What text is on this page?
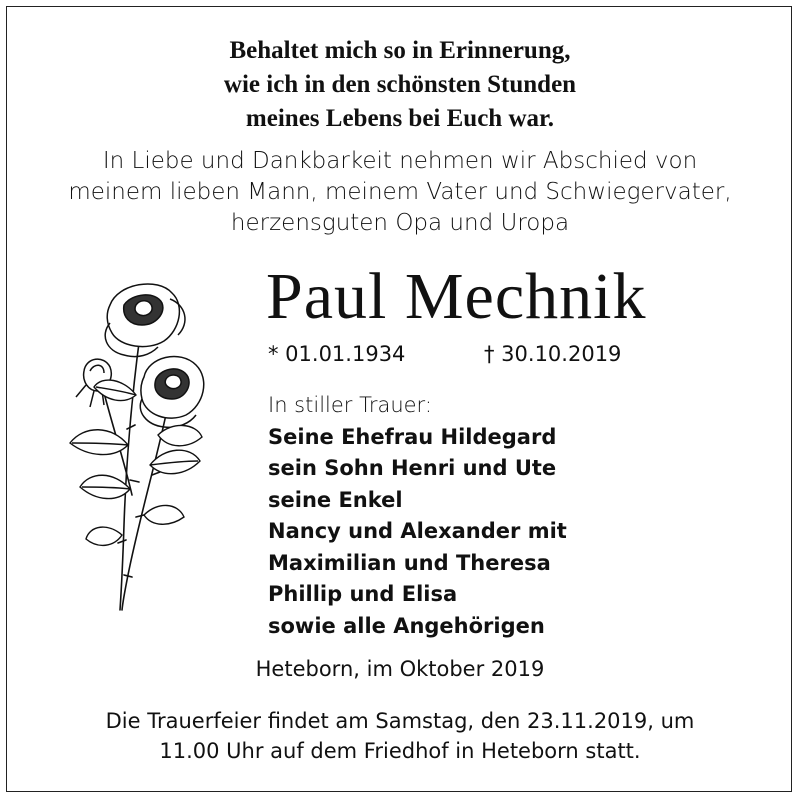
Behaltet mich so in Erinnerung,
wie ich in den schönsten Stunden
meines Lebens bei Euch war.
In Liebe und Dankbarkeit nehmen wir Abschied von
meinem lieben Mann, meinem Vater und Schwiegervater,
herzensguten Opa und Uropa
Paul Mechnik
* 01.01.1934	† 30.10.2019
In stiller Trauer:
Seine Ehefrau Hildegard
sein Sohn Henri und Ute
seine Enkel
Nancy und Alexander mit
Maximilian und Theresa
Phillip und Elisa
sowie alle Angehörigen
Heteborn, im Oktober 2019
Die Trauerfeier findet am Samstag, den 23.11.2019, um
11.00 Uhr auf dem Friedhof in Heteborn statt.
